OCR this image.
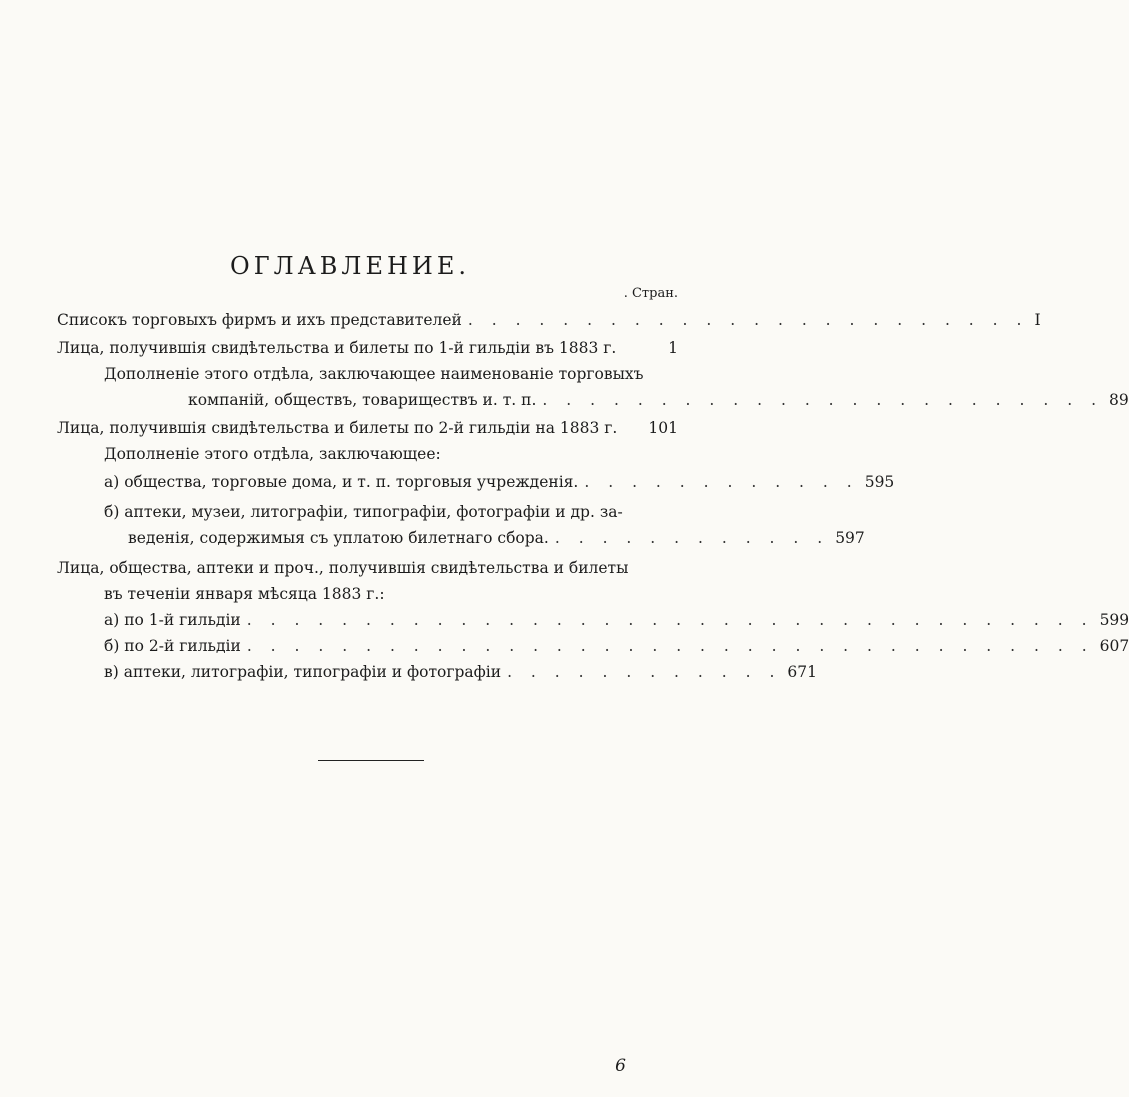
ОГЛАВЛЕНИЕ.
. Стран.
Списокъ торговыхъ фирмъ и ихъ представителей . . . . . . . . . . . . . . . . . . . . . . . . I
Лица, получившія свидѣтельства и билеты по 1-й гильдіи въ 1883 г.	1
Дополненіе этого отдѣла, заключающее наименованіе торговыхъ
компаній, обществъ, товариществъ и. т. п. . . . . . . . . . . . . . . . . . . . . . . . . 89
Лица, получившія свидѣтельства и билеты по 2-й гильдіи на 1883 г. 101
Дополненіе этого отдѣла, заключающее:
а) общества, торговые дома, и т. п. торговыя учрежденія. . . . . . . . . . . . . 595
б) аптеки, музеи, литографіи, типографіи, фотографіи и др. за-
веденія, содержимыя съ уплатою билетнаго сбора. . . . . . . . . . . . . 597
Лица, общества, аптеки и проч., получившія свидѣтельства и билеты
въ теченіи января мѣсяца 1883 г.:
а) по 1-й гильдіи . . . . . . . . . . . . . . . . . . . . . . . . . . . . . . . . . . . . 599
б) по 2-й гильдіи . . . . . . . . . . . . . . . . . . . . . . . . . . . . . . . . . . . . 607
в) аптеки, литографіи, типографіи и фотографіи . . . . . . . . . . . . 671
6
